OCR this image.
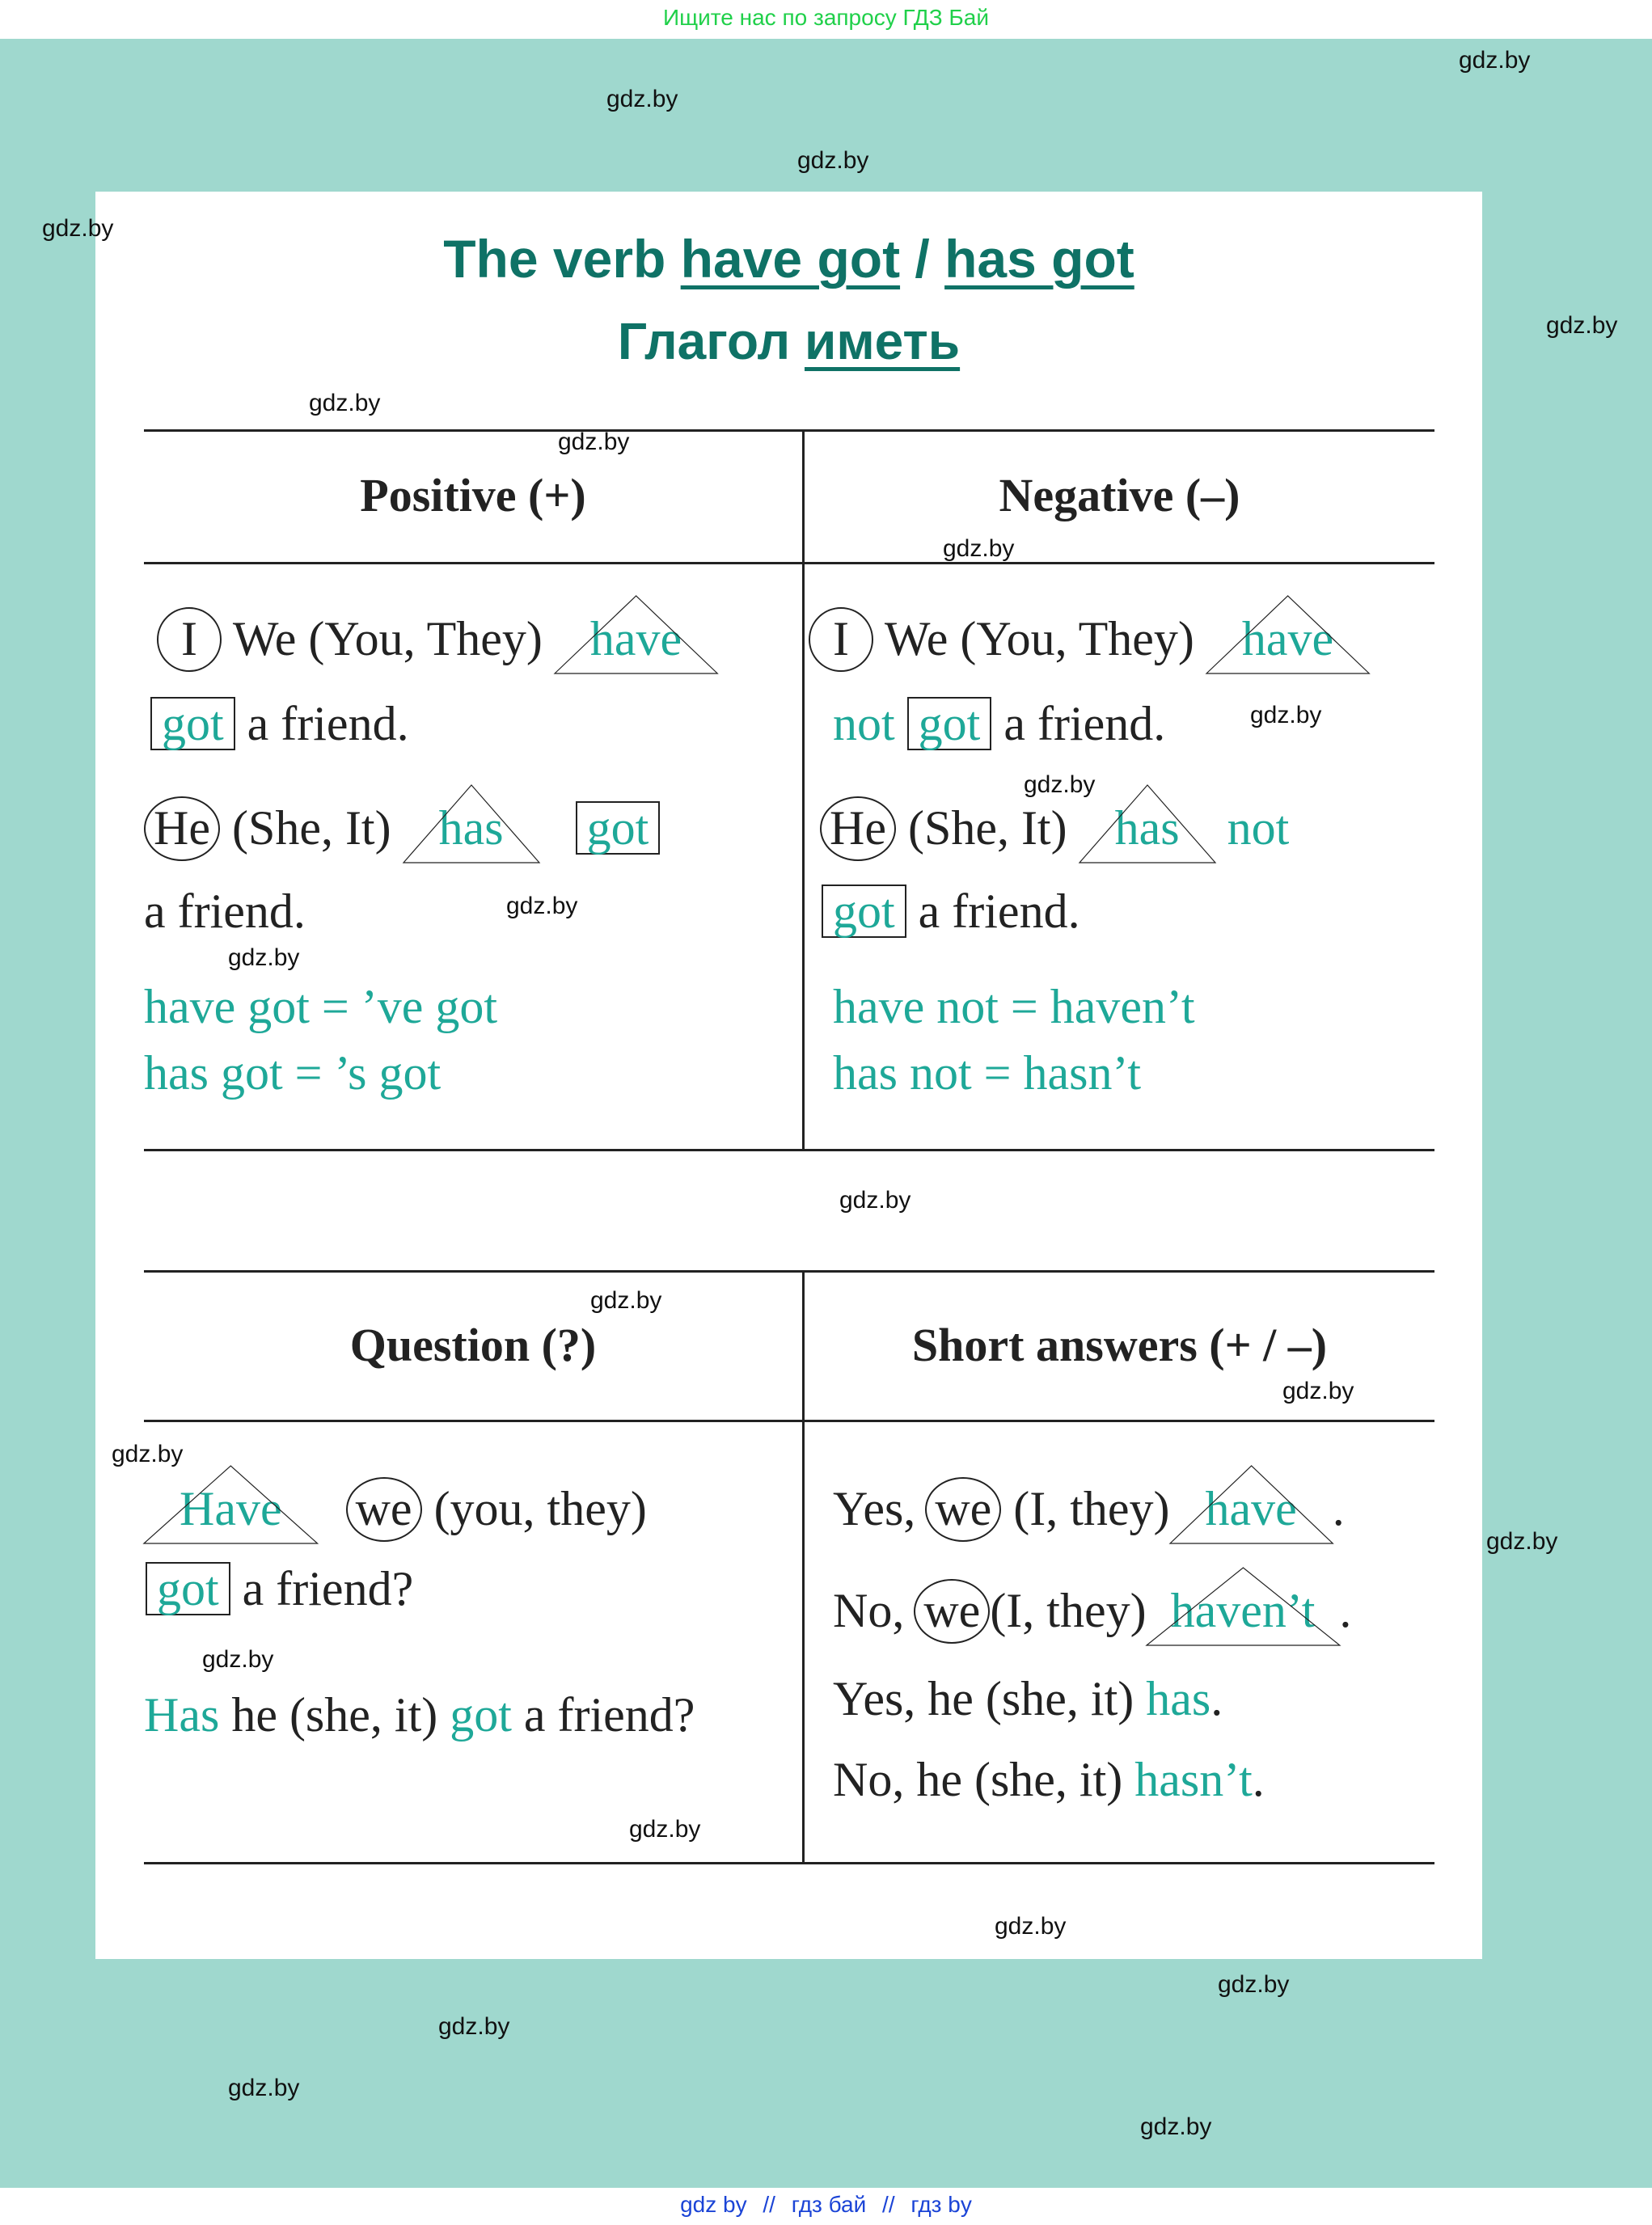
Ищите нас по запросу ГДЗ Бай
The verb have got / has got
Глагол иметь
Positive (+)	Negative (–)
I We (You, They) have
got a friend.
He (She, It) has got
a friend.
have got = ’ve got
has got = ’s got
I We (You, They) have
not got a friend.
He (She, It) has not
got a friend.
have not = haven’t
has not = hasn’t
Question (?)	Short answers (+ / –)
Have we (you, they)
got a friend?
Has he (she, it) got a friend?
Yes, we (I, they) have .
No, we (I, they) haven’t .
Yes, he (she, it) has.
No, he (she, it) hasn’t.
gdz.by
gdz.by
gdz.by
gdz.by
gdz.by
gdz.by
gdz.by
gdz.by
gdz.by
gdz.by
gdz.by
gdz.by
gdz.by
gdz.by
gdz.by
gdz.by
gdz.by
gdz.by
gdz.by
gdz.by
gdz.by
gdz.by
gdz.by
gdz.by
gdz by // гдз бай // гдз by
